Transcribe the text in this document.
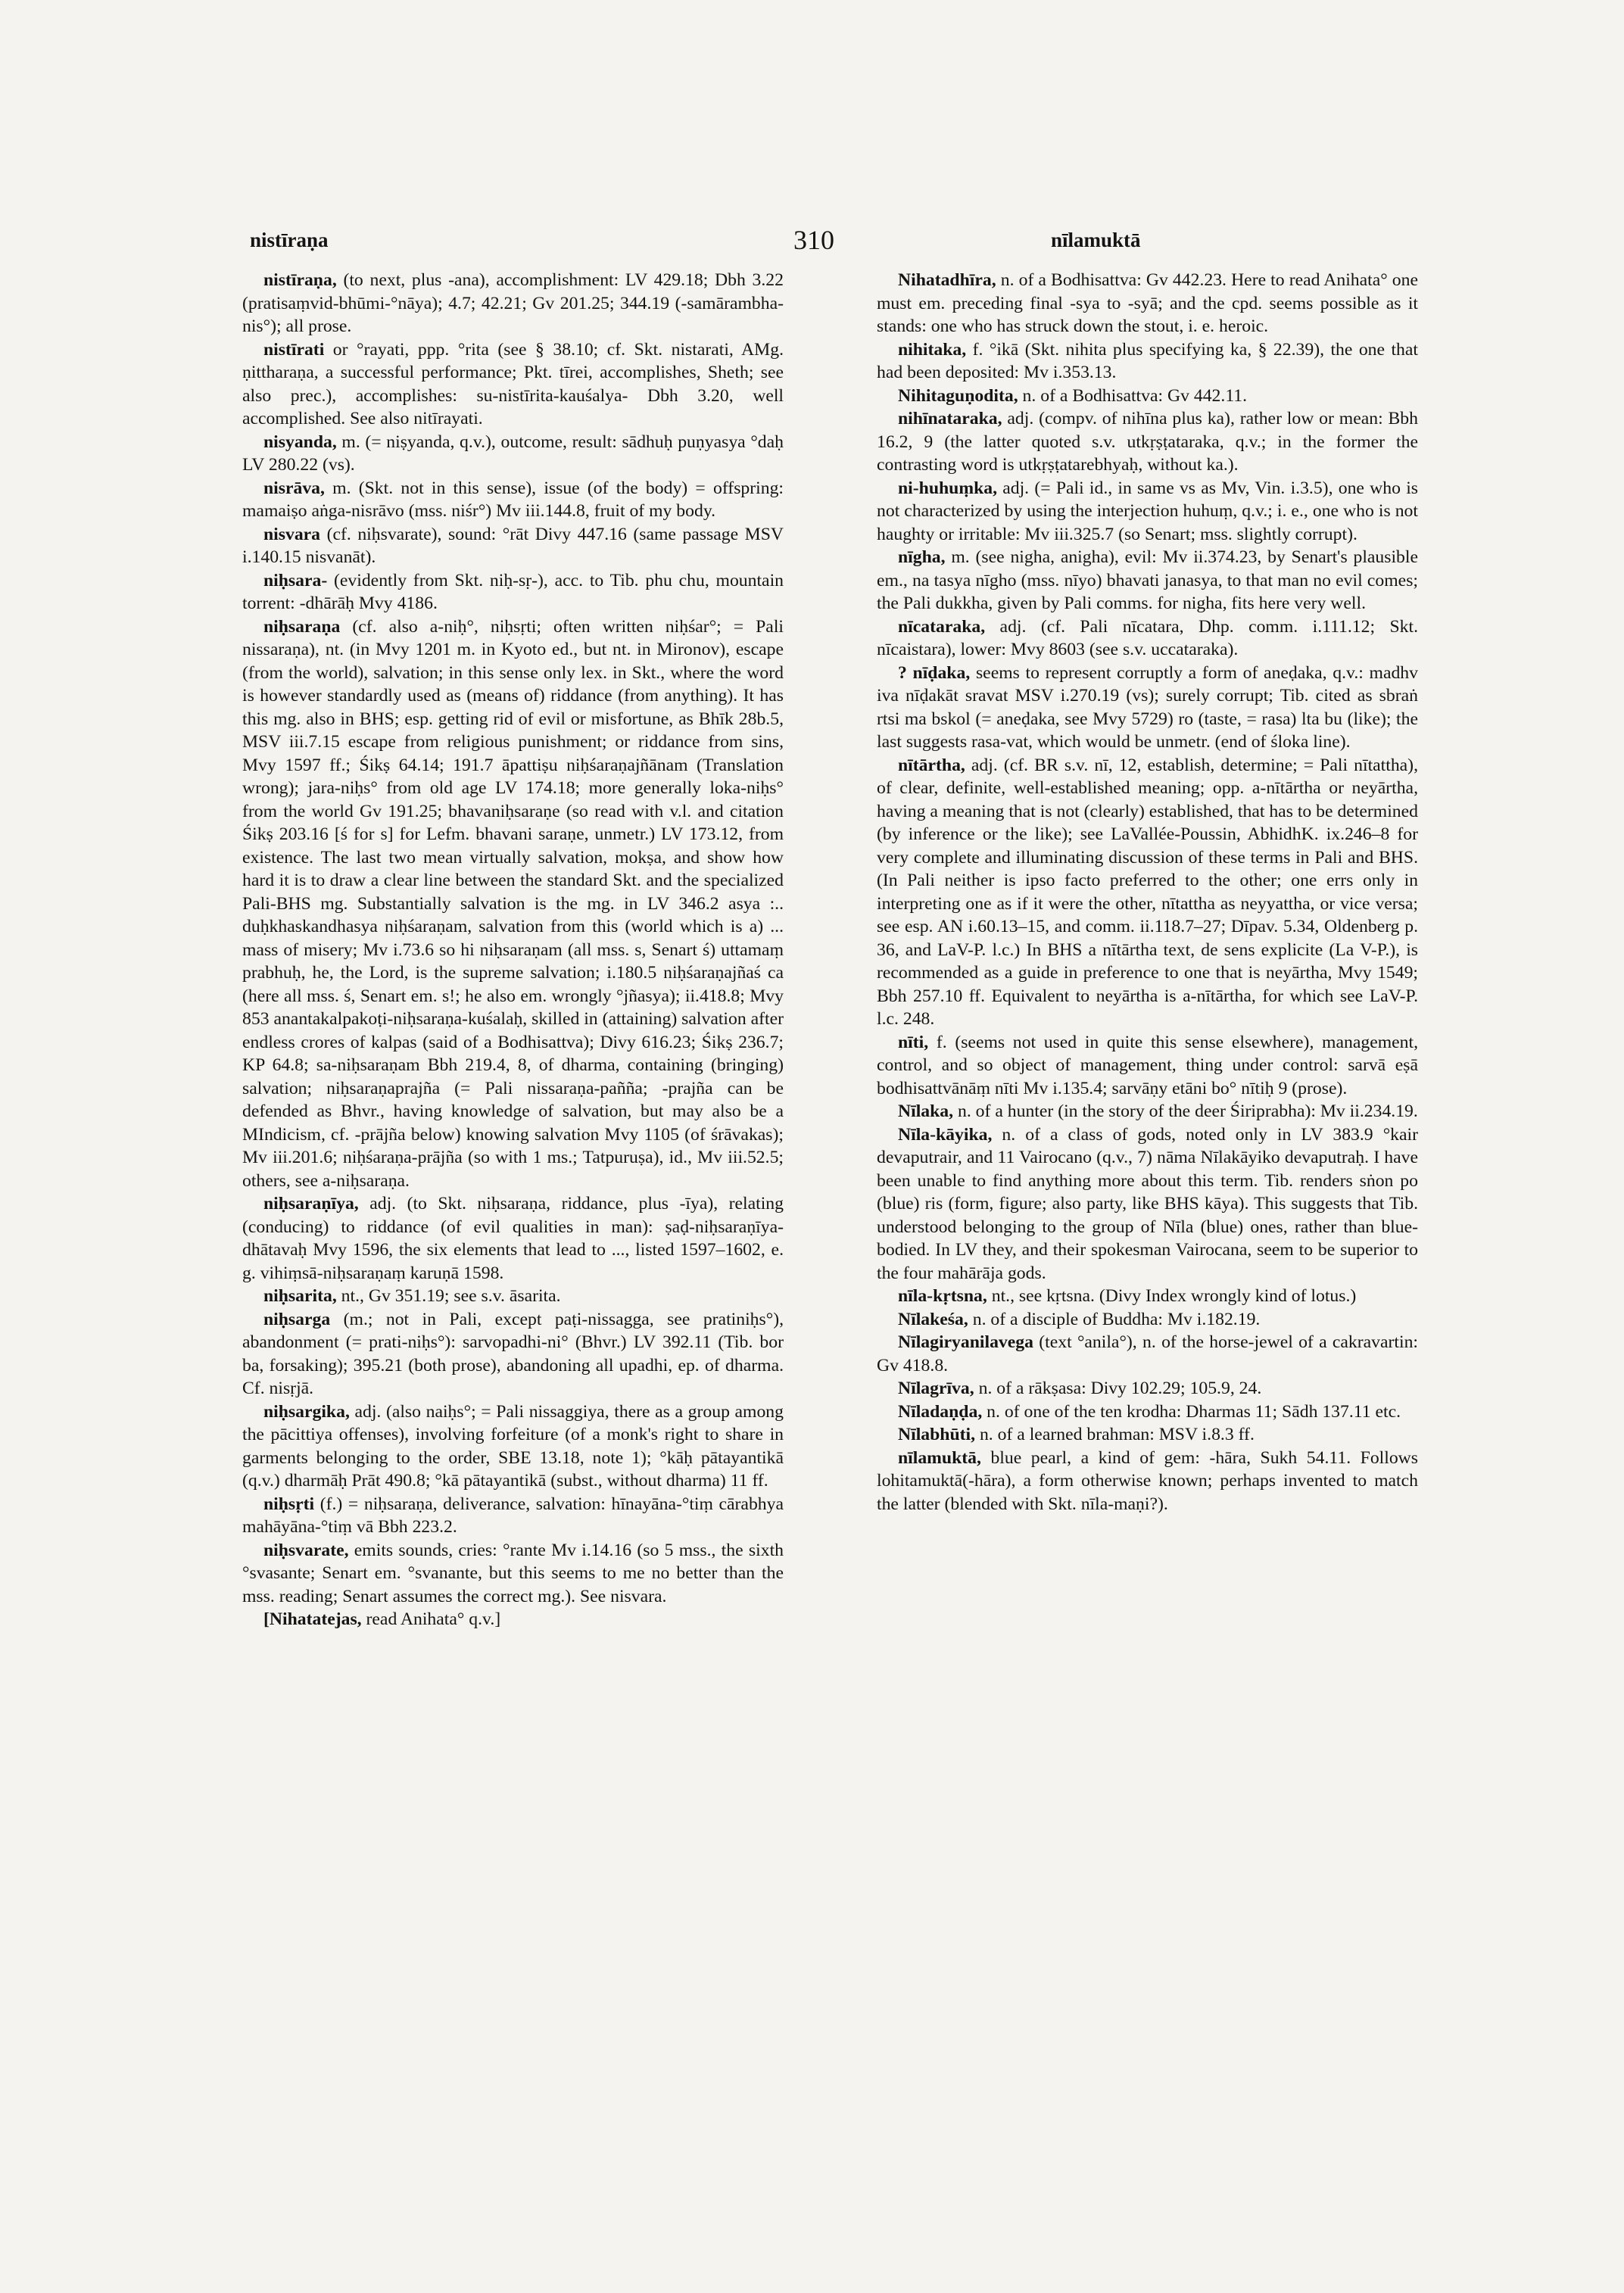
nistīraṇa	310	nīlamuktā

nistīraṇa, (to next, plus -ana), accomplishment: LV 429.18; Dbh 3.22 (pratisaṃvid-bhūmi-°nāya); 4.7; 42.21; Gv 201.25; 344.19 (-samārambha-nis°); all prose.

nistīrati or °rayati, ppp. °rita (see § 38.10; cf. Skt. nistarati, AMg. ṇittharaṇa, a successful performance; Pkt. tīrei, accomplishes, Sheth; see also prec.), accomplishes: su-nistīrita-kauśalya- Dbh 3.20, well accomplished. See also nitīrayati.

nisyanda, m. (= niṣyanda, q.v.), outcome, result: sādhuḥ puṇyasya °daḥ LV 280.22 (vs).

nisrāva, m. (Skt. not in this sense), issue (of the body) = offspring: mamaiṣo aṅga-nisrāvo (mss. niśr°) Mv iii.144.8, fruit of my body.

nisvara (cf. niḥsvarate), sound: °rāt Divy 447.16 (same passage MSV i.140.15 nisvanāt).

niḥsara- (evidently from Skt. niḥ-sṛ-), acc. to Tib. phu chu, mountain torrent: -dhārāḥ Mvy 4186.

niḥsaraṇa (cf. also a-niḥ°, niḥsṛti; often written niḥśar°; = Pali nissaraṇa), nt. (in Mvy 1201 m. in Kyoto ed., but nt. in Mironov), escape (from the world), salvation; in this sense only lex. in Skt., where the word is however standardly used as (means of) riddance (from anything). It has this mg. also in BHS; esp. getting rid of evil or misfortune, as Bhīk 28b.5, MSV iii.7.15 escape from religious punishment; or riddance from sins, Mvy 1597 ff.; Śikṣ 64.14; 191.7 āpattiṣu niḥśaraṇajñānam (Translation wrong); jara-niḥs° from old age LV 174.18; more generally loka-niḥs° from the world Gv 191.25; bhavaniḥsaraṇe (so read with v.l. and citation Śikṣ 203.16 [ś for s] for Lefm. bhavani saraṇe, unmetr.) LV 173.12, from existence. The last two mean virtually salvation, mokṣa, and show how hard it is to draw a clear line between the standard Skt. and the specialized Pali-BHS mg. Substantially salvation is the mg. in LV 346.2 asya :.. duḥkhaskandhasya niḥśaraṇam, salvation from this (world which is a) ... mass of misery; Mv i.73.6 so hi niḥsaraṇam (all mss. s, Senart ś) uttamaṃ prabhuḥ, he, the Lord, is the supreme salvation; i.180.5 niḥśaraṇajñaś ca (here all mss. ś, Senart em. s!; he also em. wrongly °jñasya); ii.418.8; Mvy 853 anantakalpakoṭi-niḥsaraṇa-kuśalaḥ, skilled in (attaining) salvation after endless crores of kalpas (said of a Bodhisattva); Divy 616.23; Śikṣ 236.7; KP 64.8; sa-niḥsaraṇam Bbh 219.4, 8, of dharma, containing (bringing) salvation; niḥsaraṇaprajña (= Pali nissaraṇa-pañña; -prajña can be defended as Bhvr., having knowledge of salvation, but may also be a MIndicism, cf. -prājña below) knowing salvation Mvy 1105 (of śrāvakas); Mv iii.201.6; niḥśaraṇa-prājña (so with 1 ms.; Tatpuruṣa), id., Mv iii.52.5; others, see a-niḥsaraṇa.

niḥsaraṇīya, adj. (to Skt. niḥsaraṇa, riddance, plus -īya), relating (conducing) to riddance (of evil qualities in man): ṣaḍ-niḥsaraṇīya-dhātavaḥ Mvy 1596, the six elements that lead to ..., listed 1597–1602, e. g. vihiṃsā-niḥsaraṇaṃ karuṇā 1598.

niḥsarita, nt., Gv 351.19; see s.v. āsarita.

niḥsarga (m.; not in Pali, except paṭi-nissagga, see pratiniḥs°), abandonment (= prati-niḥs°): sarvopadhi-ni° (Bhvr.) LV 392.11 (Tib. bor ba, forsaking); 395.21 (both prose), abandoning all upadhi, ep. of dharma. Cf. nisṛjā.

niḥsargika, adj. (also naiḥs°; = Pali nissaggiya, there as a group among the pācittiya offenses), involving forfeiture (of a monk's right to share in garments belonging to the order, SBE 13.18, note 1); °kāḥ pātayantikā (q.v.) dharmāḥ Prāt 490.8; °kā pātayantikā (subst., without dharma) 11 ff.

niḥsṛti (f.) = niḥsaraṇa, deliverance, salvation: hīnayāna-°tiṃ cārabhya mahāyāna-°tiṃ vā Bbh 223.2.

niḥsvarate, emits sounds, cries: °rante Mv i.14.16 (so 5 mss., the sixth °svasante; Senart em. °svanante, but this seems to me no better than the mss. reading; Senart assumes the correct mg.). See nisvara.

[Nihatatejas, read Anihata° q.v.]

Nihatadhīra, n. of a Bodhisattva: Gv 442.23. Here to read Anihata° one must em. preceding final -sya to -syā; and the cpd. seems possible as it stands: one who has struck down the stout, i. e. heroic.

nihitaka, f. °ikā (Skt. nihita plus specifying ka, § 22.39), the one that had been deposited: Mv i.353.13.

Nihitaguṇodita, n. of a Bodhisattva: Gv 442.11.

nihīnataraka, adj. (compv. of nihīna plus ka), rather low or mean: Bbh 16.2, 9 (the latter quoted s.v. utkṛṣṭataraka, q.v.; in the former the contrasting word is utkṛṣṭatarebhyaḥ, without ka.).

ni-huhuṃka, adj. (= Pali id., in same vs as Mv, Vin. i.3.5), one who is not characterized by using the interjection huhuṃ, q.v.; i. e., one who is not haughty or irritable: Mv iii.325.7 (so Senart; mss. slightly corrupt).

nīgha, m. (see nigha, anigha), evil: Mv ii.374.23, by Senart's plausible em., na tasya nīgho (mss. nīyo) bhavati janasya, to that man no evil comes; the Pali dukkha, given by Pali comms. for nigha, fits here very well.

nīcataraka, adj. (cf. Pali nīcatara, Dhp. comm. i.111.12; Skt. nīcaistara), lower: Mvy 8603 (see s.v. uccataraka).

? nīḍaka, seems to represent corruptly a form of aneḍaka, q.v.: madhv iva nīḍakāt sravat MSV i.270.19 (vs); surely corrupt; Tib. cited as sbraṅ rtsi ma bskol (= aneḍaka, see Mvy 5729) ro (taste, = rasa) lta bu (like); the last suggests rasa-vat, which would be unmetr. (end of śloka line).

nītārtha, adj. (cf. BR s.v. nī, 12, establish, determine; = Pali nītattha), of clear, definite, well-established meaning; opp. a-nītārtha or neyārtha, having a meaning that is not (clearly) established, that has to be determined (by inference or the like); see LaVallée-Poussin, AbhidhK. ix.246–8 for very complete and illuminating discussion of these terms in Pali and BHS. (In Pali neither is ipso facto preferred to the other; one errs only in interpreting one as if it were the other, nītattha as neyyattha, or vice versa; see esp. AN i.60.13–15, and comm. ii.118.7–27; Dīpav. 5.34, Oldenberg p. 36, and LaV-P. l.c.) In BHS a nītārtha text, de sens explicite (La V-P.), is recommended as a guide in preference to one that is neyārtha, Mvy 1549; Bbh 257.10 ff. Equivalent to neyārtha is a-nītārtha, for which see LaV-P. l.c. 248.

nīti, f. (seems not used in quite this sense elsewhere), management, control, and so object of management, thing under control: sarvā eṣā bodhisattvānāṃ nīti Mv i.135.4; sarvāṇy etāni bo° nītiḥ 9 (prose).

Nīlaka, n. of a hunter (in the story of the deer Śiriprabha): Mv ii.234.19.

Nīla-kāyika, n. of a class of gods, noted only in LV 383.9 °kair devaputrair, and 11 Vairocano (q.v., 7) nāma Nīlakāyiko devaputraḥ. I have been unable to find anything more about this term. Tib. renders sṅon po (blue) ris (form, figure; also party, like BHS kāya). This suggests that Tib. understood belonging to the group of Nīla (blue) ones, rather than blue-bodied. In LV they, and their spokesman Vairocana, seem to be superior to the four mahārāja gods.

nīla-kṛtsna, nt., see kṛtsna. (Divy Index wrongly kind of lotus.)

Nīlakeśa, n. of a disciple of Buddha: Mv i.182.19.

Nīlagiryanilavega (text °anila°), n. of the horse-jewel of a cakravartin: Gv 418.8.

Nīlagrīva, n. of a rākṣasa: Divy 102.29; 105.9, 24.

Nīladaṇḍa, n. of one of the ten krodha: Dharmas 11; Sādh 137.11 etc.

Nīlabhūti, n. of a learned brahman: MSV i.8.3 ff.

nīlamuktā, blue pearl, a kind of gem: -hāra, Sukh 54.11. Follows lohitamuktā(-hāra), a form otherwise known; perhaps invented to match the latter (blended with Skt. nīla-maṇi?).
